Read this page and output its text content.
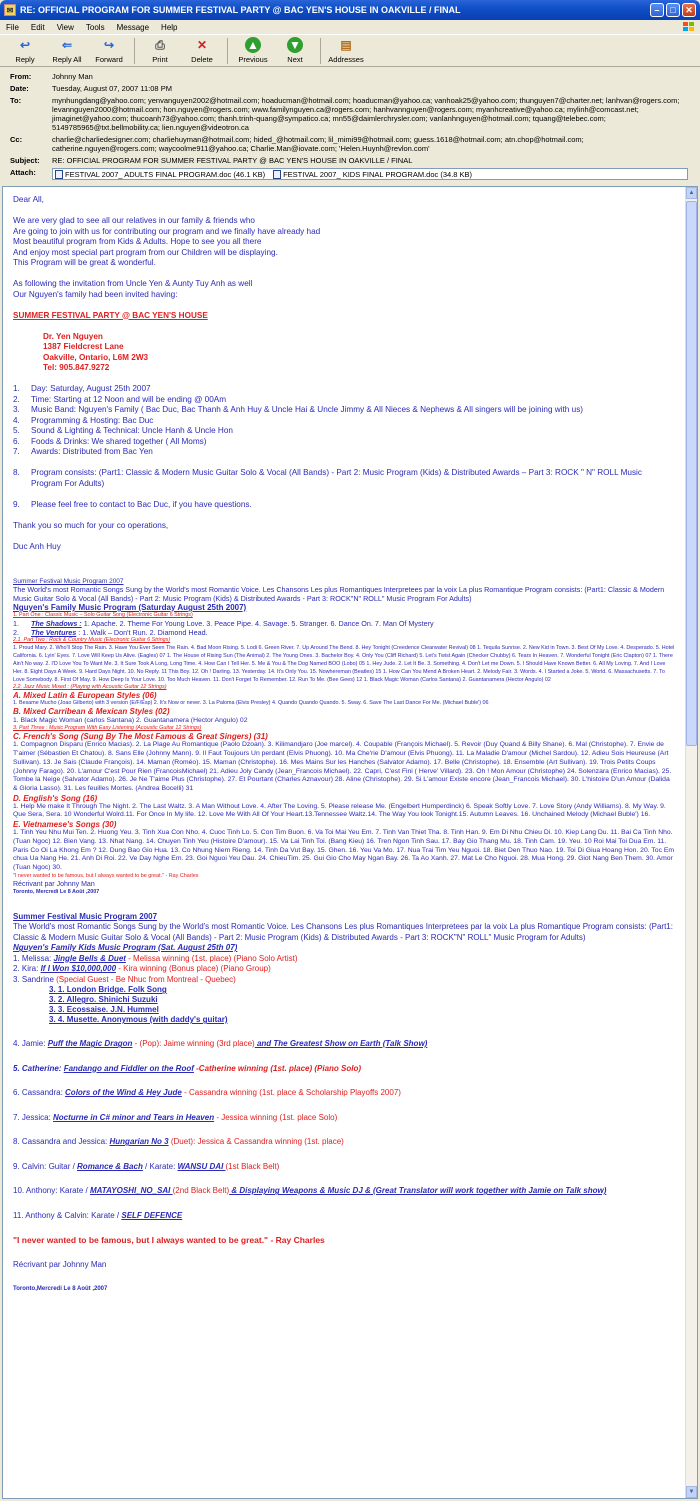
✉ RE: OFFICIAL PROGRAM FOR SUMMER FESTIVAL PARTY @ BAC YEN'S HOUSE IN OAKVILLE / FINAL	–	□	✕
File Edit View Tools Message Help
↩
Reply
⇐
Reply All
↪
Forward
⎙
Print
✕
Delete
▲
Previous
▼
Next
▤
Addresses
From:	Johnny Man
Date:	Tuesday, August 07, 2007 11:08 PM
To:	mynhungdang@yahoo.com; yenvanguyen2002@hotmail.com; hoaducman@hotmail.com; hoaducman@yahoo.ca; vanhoak25@yahoo.com; thunguyen7@charter.net; lanhvan@rogers.com; levannguyen2000@hotmail.com; hon.nguyen@rogers.com; www.familynguyen.ca@rogers.com; hanhvannguyen@rogers.com; myanhcreative@yahoo.ca; mylinh@comcast.net; jimaginet@yahoo.com; thucoanh73@yahoo.com; thanh.trinh-quang@sympatico.ca; mn55@daimlerchrysler.com; vanlanhnguyen@hotmail.com; tquang@telebec.com; 5149785965@txt.bellmobility.ca; lien.nguyen@videotron.ca
Cc:	charlie@charliedesigner.com; charliehuyman@hotmail.com; hided_@hotmail.com; lil_mimi99@hotmail.com; guess.1618@hotmail.com; atn.chop@hotmail.com; catherine.nguyen@rogers.com; waycoolme911@yahoo.ca; Charlie.Man@iovate.com; 'Helen.Huynh@revlon.com'
Subject:	RE: OFFICIAL PROGRAM FOR SUMMER FESTIVAL PARTY @ BAC YEN'S HOUSE IN OAKVILLE / FINAL
Attach:	FESTIVAL 2007_ ADULTS FINAL PROGRAM.doc (46.1 KB) FESTIVAL 2007_ KIDS FINAL PROGRAM.doc (34.8 KB)

Dear All,

We are very glad to see all our relatives in our family & friends who

Are going to join with us for contributing our program and we finally have already had

Most beautiful program from Kids & Adults. Hope to see you all there

And enjoy most special part program from our Children will be displaying.

This Program will be great & wonderful.

As following the invitation from Uncle Yen & Aunty Tuy Anh as well

Our Nguyen's family had been invited having:

SUMMER FESTIVAL PARTY @ BAC YEN'S HOUSE

Dr. Yen Nguyen

1387 Fieldcrest Lane

Oakville, Ontario, L6M 2W3

Tel: 905.847.9272

1.	Day: Saturday, August 25th 2007
2.	Time: Starting at 12 Noon and will be ending @ 00Am
3.	Music Band: Nguyen's Family ( Bac Duc, Bac Thanh & Anh Huy & Uncle Hai & Uncle Jimmy & All Nieces & Nephews & All singers will be joining with us)
4.	Programming & Hosting: Bac Duc
5.	Sound & Lighting & Technical: Uncle Hanh & Uncle Hon
6.	Foods & Drinks: We shared together ( All Moms)
7.	Awards: Distributed from Bac Yen
8.	Program consists: (Part1: Classic & Modern Music Guitar Solo & Vocal (All Bands) - Part 2: Music Program (Kids) & Distributed Awards – Part 3: ROCK " N" ROLL Music Program For Adults)
9.	Please feel free to contact to Bac Duc, if you have questions.

Thank you so much for your co operations,

Duc Anh Huy

Summer Festival Music Program 2007

The World's most Romantic Songs Sung by the World's most Romantic Voice. Les Chansons Les plus Romantiques Interpretees par la voix La plus Romantique Program consists: (Part1: Classic & Modern Music Guitar Solo & Vocal (All Bands) - Part 2: Music Program (Kids) & Distributed Awards - Part 3: ROCK"N" ROLL" Music Program For Adults)

Nguyen's Family Music Program (Saturday August 25th 2007)

1. Part One : Classic Music – Solo Guitar Song (Electronic Guitar 6 Strings)

1. The Shadows : 1. Apache. 2. Theme For Young Love. 3. Peace Pipe. 4. Savage. 5. Stranger. 6. Dance On. 7. Man Of Mystery

2. The Ventures : 1. Walk – Don't Run. 2. Diamond Head.

2.1. Part Two : Rock & Country Music (Electronic Guitar 6 Strings)

1. Proud Mary. 2. Who'll Stop The Rain. 3. Have You Ever Seen The Rain. 4. Bad Moon Rising. 5. Lodi 6. Green River. 7. Up Around The Bend. 8. Hey Tonight (Creedence Clearwater Revival) 08 1. Tequila Sunrise. 2. New Kid in Town. 3. Best Of My Love. 4. Desperado. 5. Hotel California. 6. Lyin' Eyes. 7. Love Will Keep Us Alive. (Eagles) 07 1. The House of Rising Sun (The Animal) 2. The Young Ones. 3. Bachelor Boy. 4. Only You (Cliff Richard) 5. Let's Twist Again (Checker Chubby) 6. Tears In Heaven. 7. Wonderful Tonight (Eric Clapton) 07 1. There Ain't No way. 2. I'D Love You To Want Me. 3. It Sure Took A Long, Long Time. 4. How Can I Tell Her. 5. Me & You & The Dog Named BOO (Lobo) 05 1. Hey Jude. 2. Let It Be. 3. Something. 4. Don't Let me Down. 5. I Should Have Known Better. 6. All My Loving. 7. And I Love Her. 8. Eight Days A Week. 9. Hard Days Night. 10. No Reply. 11 This Boy. 12. Oh ! Darling. 13. Yesterday. 14. It's Only You. 15. Nowhereman (Beatles) 15 1. How Can You Mend A Broken Heart. 2. Melody Fair. 3. Words. 4. I Started a Joke. 5. World. 6. Massachusetts. 7. To Love Somebody. 8. First Of May. 9. How Deep Is Your Love. 10. Too Much Heaven. 11. Don't Forget To Remember. 12. Run To Me. (Bee Gees) 12 1. Black Magic Woman (Carlos Santana) 2. Guantanamera (Hector Angulo) 02

2.2. Jazz Music Mixed : (Playing with Acoustic Guitar 12 Strings)

A. Mixed Latin & European Styles (06)

1. Besame Mucho (Joao Gilberto) with 3 version (E/F/Esp) 2. It's Now or never. 3. La Paloma (Elvis Presley) 4. Quando Quando Quando. 5. Sway. 6. Save The Last Dance For Me. (Michael Buble') 06

B. Mixed Carribean & Mexican Styles (02)

1. Black Magic Woman (carlos Santana) 2. Guantanamera (Hector Angulo) 02

3. Part Three : Music Program With Easy Listening (Acoustic Guitar 12 Strings)

C. French's Song (Sung By The Most Famous & Great Singers) (31)

1. Compagnon Disparu (Enrico Macias). 2. La Plage Au Romantique (Paolo Dzoan). 3. Kilimandjaro (Joe marcel). 4. Coupable (François Michael). 5. Revoir (Duy Quand & Billy Shane). 6. Mal (Christophe). 7. Envie de T'aimer (Sébastien Et Chatou). 8. Sans Elle (Johnny Mann). 9. Il Faut Toujours Un perdant (Elvis Phuong). 10. Ma Che'rie D'amour (Elvis Phuong). 11. La Maladie D'amour (Michel Sardou). 12. Adieu Sois Heureuse (Art Sullivan). 13. Je Sais (Claude François). 14. Maman (Roméo). 15. Maman (Christophe). 16. Mes Mains Sur les Hanches (Salvator Adamo). 17. Belle (Christophe). 18. Ensemble (Art Sullivan). 19. Trois Petits Coups (Johnny Farago). 20. L'amour C'est Pour Rien (FrancoisMichael) 21. Adieu Joly Candy (Jean_Francois Michael). 22. Capri, C'est Fini ( Herve' Villard). 23. Oh ! Mon Amour (Christophe) 24. Solenzara (Enrico Macias). 25. Tombe la Neige (Salvator Adamo). 26. Je Ne T'aime Plus (Christophe). 27. Et Pourtant (Charles Aznavour) 28. Aline (Christophe). 29. Si L'amour Existe encore (Jean_Francois Michael). 30. L'histoire D'un Amour (Dalida & Gloria Lasso). 31. Les feuilles Mortes. (Andrea Bocelli) 31

D. English's Song (16)

1. Help Me make It Through The Night. 2. The Last Waltz. 3. A Man Without Love. 4. After The Loving. 5. Please release Me. (Engelbert Humperdinck) 6. Speak Softly Love. 7. Love Story (Andy Williams). 8. My Way. 9. Que Sera, Sera. 10 Wonderful Wolrd.11. For Once In My life. 12. Love Me With All Of Your Heart.13.Tennessee Waltz.14. The Way You look Tonight.15. Autumn Leaves. 16. Unchained Melody (Michael Buble') 16.

E. Vietnamese's Songs (30)

1. Tinh Yeu Nhu Mui Ten. 2. Huong Yeu. 3. Tinh Xua Con Nho. 4. Cuoc Tinh Lo. 5. Con Tim Buon. 6. Va Toi Mai Yeu Em. 7. Tinh Van Thiet Tha. 8. Tinh Han. 9. Em Di Nhu Chieu Di. 10. Kiep Lang Du. 11. Bai Ca Tinh Nho. (Tuan Ngoc) 12. Bien Vang. 13. Nhat Nang. 14. Chuyen Tinh Yeu (Histoire D'amour). 15. Va Lai Tinh Toi. (Bang Kieu) 16. Tren Ngon Tinh Sau. 17. Bay Gio Thang Mu. 18. Tinh Cam. 19. Yeu. 10 Roi Mai Toi Dua Em. 11. Paris Co Oi La Khong Em ? 12. Dung Bao Gio Hua. 13. Co Nhung Niem Rieng. 14. Tinh Da Vut Bay. 15. Ghen. 16. Yeu Va Mo. 17. Nua Trai Tim Yeu Nguoi. 18. Biet Den Thuo Nao. 19. Toi Di Giua Hoang Hon. 20. Toc Em chua Ua Nang He. 21. Anh Di Roi. 22. Ve Day Nghe Em. 23. Goi Nguoi Yeu Dau. 24. ChieuTim. 25. Gui Gio Cho May Ngan Bay. 26. Ta Ao Xanh. 27. Mat Le Cho Nguoi. 28. Mua Hong. 29. Giot Nang Ben Them. 30. Amor (Tuan Ngoc) 30.

"I never wanted to be famous, but I always wanted to be great." - Ray Charles

Récrivant par Johnny Man

Toronto, Mercredi Le 8 Août ,2007

Summer Festival Music Program 2007

The World's most Romantic Songs Sung by the World's most Romantic Voice. Les Chansons Les plus Romantiques Interpretees par la voix La plus Romantique Program consists: (Part1: Classic & Modern Music Guitar Solo & Vocal (All Bands) - Part 2: Music Program (Kids) & Distributed Awards - Part 3: ROCK"N" ROLL" Music Program for Adults)

Nguyen's Family Kids Music Program (Sat. August 25th 07)

1. Melissa: Jingle Bells & Duet - Melissa winning (1st. place) (Piano Solo Artist)

2. Kira: If I Won $10,000,000 - Kira winning (Bonus place) (Piano Group)

3. Sandrine (Special Guest - Be Nhuc from Montreal - Quebec)

3. 1. London Bridge. Folk Song

3. 2. Allegro. Shinichi Suzuki

3. 3. Ecossaise. J.N. Hummel

3. 4. Musette. Anonymous (with daddy's guitar)

4. Jamie: Puff the Magic Dragon - (Pop): Jaime winning (3rd place) and The Greatest Show on Earth (Talk Show)

5. Catherine: Fandango and Fiddler on the Roof -Catherine winning (1st. place) (Piano Solo)

6. Cassandra: Colors of the Wind & Hey Jude - Cassandra winning (1st. place & Scholarship Playoffs 2007)

7. Jessica: Nocturne in C# minor and Tears in Heaven - Jessica winning (1st. place Solo)

8. Cassandra and Jessica: Hungarian No 3 (Duet): Jessica & Cassandra winning (1st. place)

9. Calvin: Guitar / Romance & Bach / Karate: WANSU DAI (1st Black Belt)

10. Anthony: Karate / MATAYOSHI_NO_SAI (2nd Black Belt) & Displaying Weapons & Music DJ & (Great Translator will work together with Jamie on Talk show)

11. Anthony & Calvin: Karate / SELF DEFENCE

"I never wanted to be famous, but I always wanted to be great." - Ray Charles

Récrivant par Johnny Man

Toronto,Mercredi Le 8 Août ,2007

▲
▼
